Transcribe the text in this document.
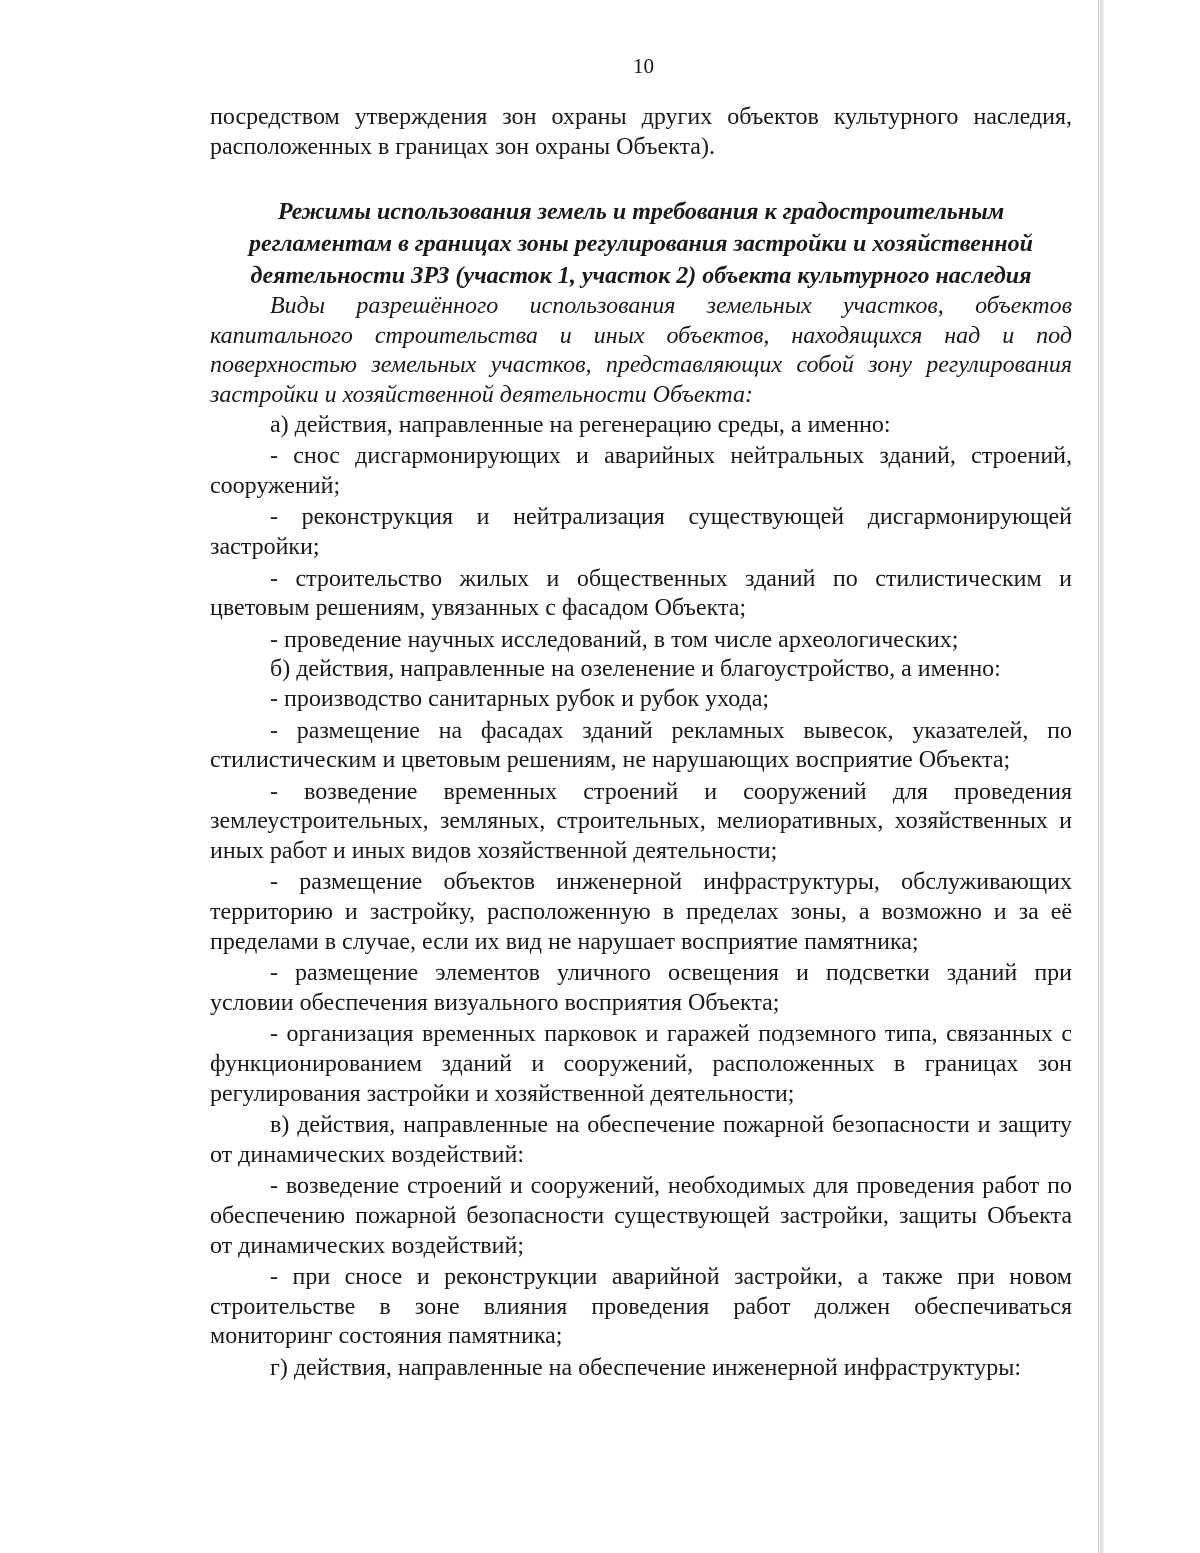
10

посредством утверждения зон охраны других объектов культурного наследия, расположенных в границах зон охраны Объекта).

Режимы использования земель и требования к градостроительным регламентам в границах зоны регулирования застройки и хозяйственной деятельности ЗРЗ (участок 1, участок 2) объекта культурного наследия

Виды разрешённого использования земельных участков, объектов капитального строительства и иных объектов, находящихся над и под поверхностью земельных участков, представляющих собой зону регулирования застройки и хозяйственной деятельности Объекта:

а) действия, направленные на регенерацию среды, а именно:

- снос дисгармонирующих и аварийных нейтральных зданий, строений, сооружений;

- реконструкция и нейтрализация существующей дисгармонирующей застройки;

- строительство жилых и общественных зданий по стилистическим и цветовым решениям, увязанных с фасадом Объекта;

- проведение научных исследований, в том числе археологических;

б) действия, направленные на озеленение и благоустройство, а именно:

- производство санитарных рубок и рубок ухода;

- размещение на фасадах зданий рекламных вывесок, указателей, по стилистическим и цветовым решениям, не нарушающих восприятие Объекта;

- возведение временных строений и сооружений для проведения землеустроительных, земляных, строительных, мелиоративных, хозяйственных и иных работ и иных видов хозяйственной деятельности;

- размещение объектов инженерной инфраструктуры, обслуживающих территорию и застройку, расположенную в пределах зоны, а возможно и за её пределами в случае, если их вид не нарушает восприятие памятника;

- размещение элементов уличного освещения и подсветки зданий при условии обеспечения визуального восприятия Объекта;

- организация временных парковок и гаражей подземного типа, связанных с функционированием зданий и сооружений, расположенных в границах зон регулирования застройки и хозяйственной деятельности;

в) действия, направленные на обеспечение пожарной безопасности и защиту от динамических воздействий:

- возведение строений и сооружений, необходимых для проведения работ по обеспечению пожарной безопасности существующей застройки, защиты Объекта от динамических воздействий;

- при сносе и реконструкции аварийной застройки, а также при новом строительстве в зоне влияния проведения работ должен обеспечиваться мониторинг состояния памятника;

г) действия, направленные на обеспечение инженерной инфраструктуры:
